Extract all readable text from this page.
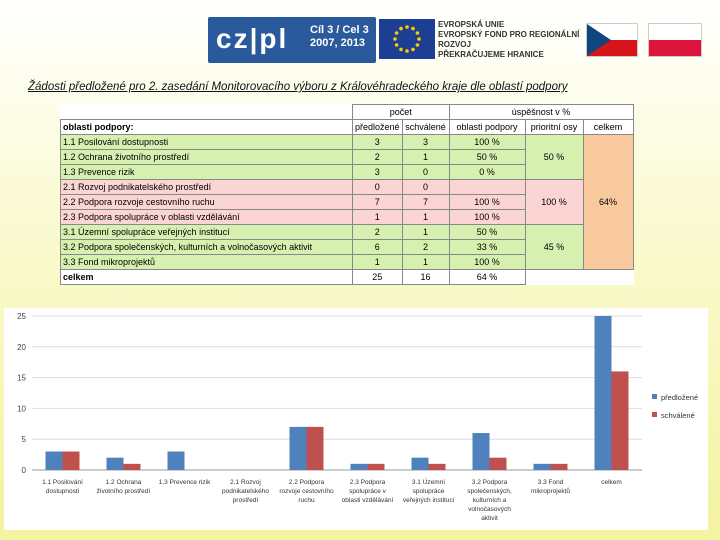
cz|pl Cíl 3 / Cel 3
2007, 2013
EVROPSKÁ UNIE
EVROPSKÝ FOND PRO REGIONÁLNÍ ROZVOJ
PŘEKRAČUJEME HRANICE
Žádosti předložené pro 2. zasedání Monitorovacího výboru z Královéhradeckého kraje dle oblastí podpory
	počet		úspěšnost v %		
oblasti podpory:	předložené	schválené	oblasti podpory	prioritní osy	celkem
1.1 Posilování dostupnosti	3	3	100 %	50 %	64%
1.2 Ochrana životního prostředí	2	1	50 %		
1.3 Prevence rizik	3	0	0 %		
2.1 Rozvoj podnikatelského prostředí	0	0		100 %	
2.2 Podpora rozvoje cestovního ruchu	7	7	100 %		
2.3 Podpora spolupráce v oblasti vzdělávání	1	1	100 %		
3.1 Územní spolupráce veřejných institucí	2	1	50 %	45 %	
3.2 Podpora společenských, kulturních a volnočasových aktivit	6	2	33 %		
3.3 Fond mikroprojektů	1	1	100 %		
celkem	25	16	64 %		
0
5
10
15
20
25
1.1 Posilování
dostupnosti
1.2 Ochrana
životního prostředí
1.3 Prevence rizik	2.1 Rozvoj
podnikatelského
prostředí
2.2 Podpora
rozvoje cestovního
ruchu
2.3 Podpora
spolupráce v
oblasti vzdělávání
3.1 Územní
spolupráce
veřejných instituci
3.2 Podpora
společenských,
kulturních a
volnočasových
aktivit
3.3 Fond
mikroprojektů
celkem
předložené
schválené
